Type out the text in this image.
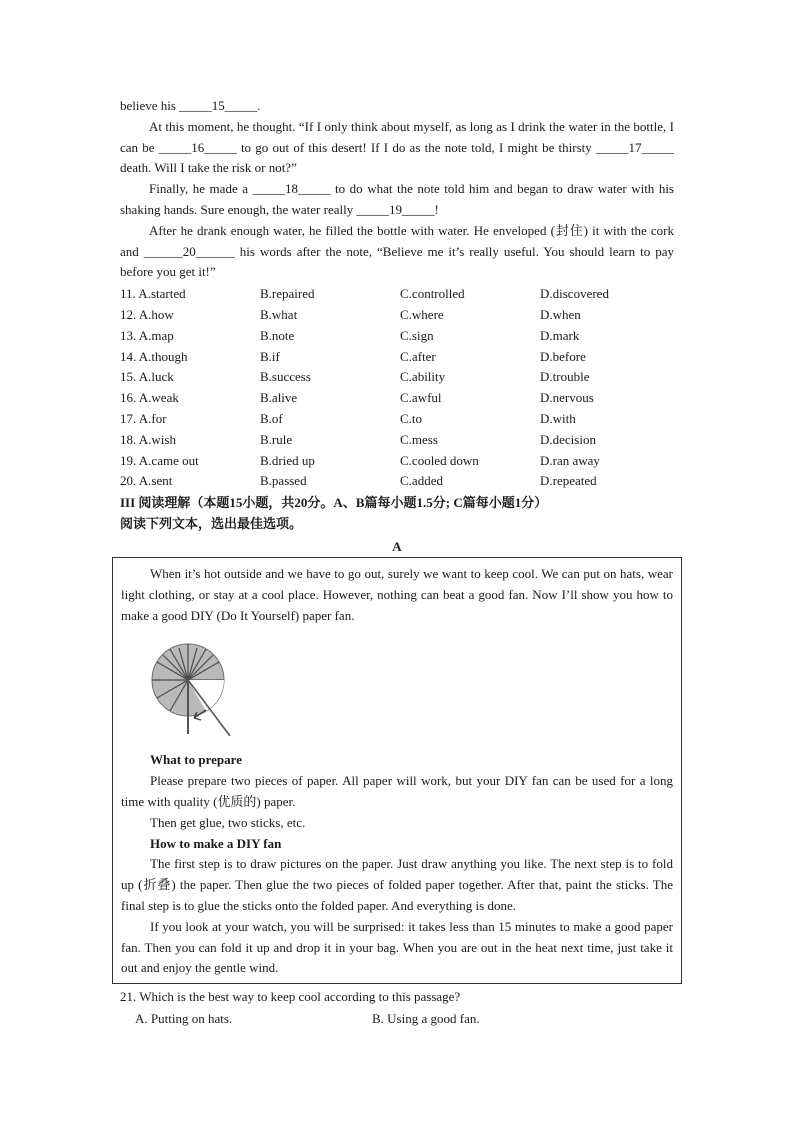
believe his _____15_____.

At this moment, he thought. “If I only think about myself, as long as I drink the water in the bottle, I can be _____16_____ to go out of this desert! If I do as the note told, I might be thirsty _____17_____ death. Will I take the risk or not?”

Finally, he made a _____18_____ to do what the note told him and began to draw water with his shaking hands. Sure enough, the water really _____19_____!

After he drank enough water, he filled the bottle with water. He enveloped (封住) it with the cork and ______20______ his words after the note, “Believe me it’s really useful. You should learn to pay before you get it!”

11. A.started	B.repaired	C.controlled	D.discovered
12. A.how	B.what	C.where	D.when
13. A.map	B.note	C.sign	D.mark
14. A.though	B.if	C.after	D.before
15. A.luck	B.success	C.ability	D.trouble
16. A.weak	B.alive	C.awful	D.nervous
17. A.for	B.of	C.to	D.with
18. A.wish	B.rule	C.mess	D.decision
19. A.came out	B.dried up	C.cooled down	D.ran away
20. A.sent	B.passed	C.added	D.repeated

III 阅读理解（本题15小题，共20分。A、B篇每小题1.5分; C篇每小题1分）

阅读下列文本，选出最佳选项。

A

When it’s hot outside and we have to go out, surely we want to keep cool. We can put on hats, wear light clothing, or stay at a cool place. However, nothing can beat a good fan. Now I’ll show you how to make a good DIY (Do It Yourself) paper fan.

What to prepare

Please prepare two pieces of paper. All paper will work, but your DIY fan can be used for a long time with quality (优质的) paper.

Then get glue, two sticks, etc.

How to make a DIY fan

The first step is to draw pictures on the paper. Just draw anything you like. The next step is to fold up (折叠) the paper. Then glue the two pieces of folded paper together. After that, paint the sticks. The final step is to glue the sticks onto the folded paper. And everything is done.

If you look at your watch, you will be surprised: it takes less than 15 minutes to make a good paper fan. Then you can fold it up and drop it in your bag. When you are out in the heat next time, just take it out and enjoy the gentle wind.

21. Which is the best way to keep cool according to this passage?

A. Putting on hats.	B. Using a good fan.
